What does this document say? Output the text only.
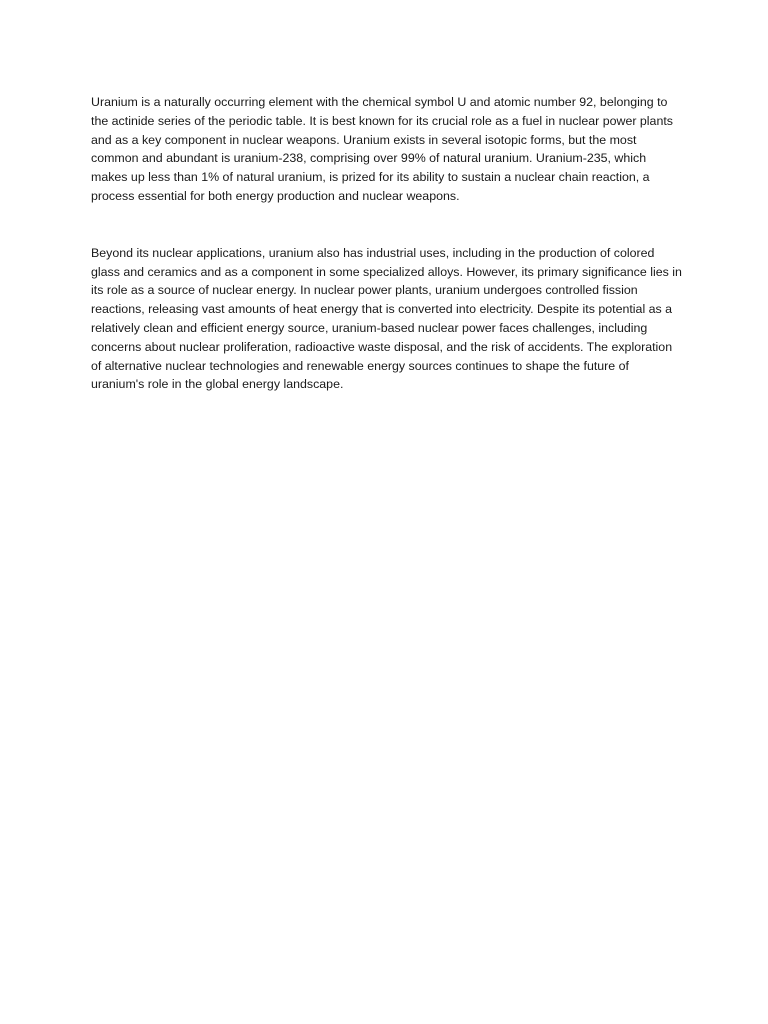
Uranium is a naturally occurring element with the chemical symbol U and atomic number 92, belonging to the actinide series of the periodic table. It is best known for its crucial role as a fuel in nuclear power plants and as a key component in nuclear weapons. Uranium exists in several isotopic forms, but the most common and abundant is uranium-238, comprising over 99% of natural uranium. Uranium-235, which makes up less than 1% of natural uranium, is prized for its ability to sustain a nuclear chain reaction, a process essential for both energy production and nuclear weapons.

Beyond its nuclear applications, uranium also has industrial uses, including in the production of colored glass and ceramics and as a component in some specialized alloys. However, its primary significance lies in its role as a source of nuclear energy. In nuclear power plants, uranium undergoes controlled fission reactions, releasing vast amounts of heat energy that is converted into electricity. Despite its potential as a relatively clean and efficient energy source, uranium-based nuclear power faces challenges, including concerns about nuclear proliferation, radioactive waste disposal, and the risk of accidents. The exploration of alternative nuclear technologies and renewable energy sources continues to shape the future of uranium's role in the global energy landscape.
